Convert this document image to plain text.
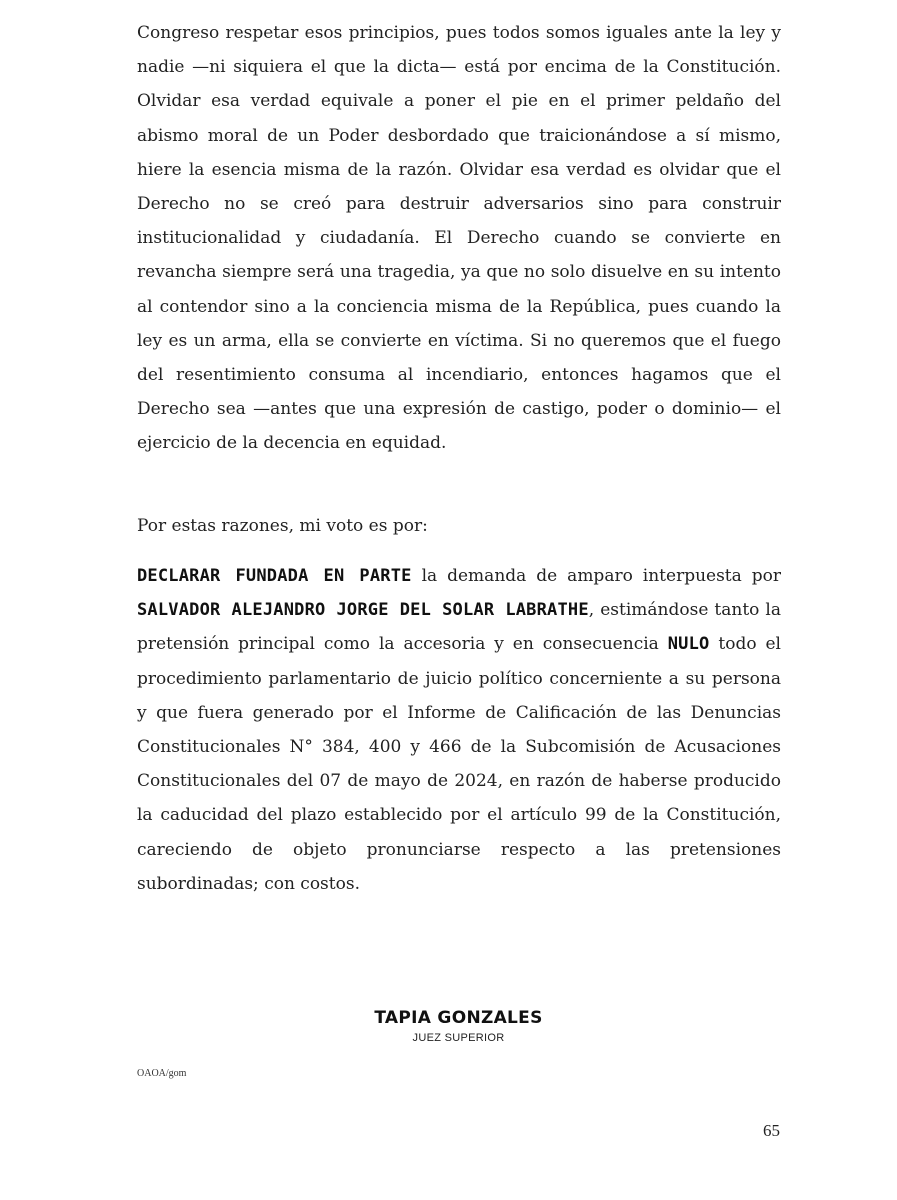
Congreso respetar esos principios, pues todos somos iguales ante la ley y nadie —ni siquiera el que la dicta— está por encima de la Constitución. Olvidar esa verdad equivale a poner el pie en el primer peldaño del abismo moral de un Poder desbordado que traicionándose a sí mismo, hiere la esencia misma de la razón. Olvidar esa verdad es olvidar que el Derecho no se creó para destruir adversarios sino para construir institucionalidad y ciudadanía. El Derecho cuando se convierte en revancha siempre será una tragedia, ya que no solo disuelve en su intento al contendor sino a la conciencia misma de la República, pues cuando la ley es un arma, ella se convierte en víctima. Si no queremos que el fuego del resentimiento consuma al incendiario, entonces hagamos que el Derecho sea —antes que una expresión de castigo, poder o dominio— el ejercicio de la decencia en equidad.

Por estas razones, mi voto es por:

DECLARAR FUNDADA EN PARTE la demanda de amparo interpuesta por SALVADOR ALEJANDRO JORGE DEL SOLAR LABRATHE, estimándose tanto la pretensión principal como la accesoria y en consecuencia NULO todo el procedimiento parlamentario de juicio político concerniente a su persona y que fuera generado por el Informe de Calificación de las Denuncias Constitucionales N° 384, 400 y 466 de la Subcomisión de Acusaciones Constitucionales del 07 de mayo de 2024, en razón de haberse producido la caducidad del plazo establecido por el artículo 99 de la Constitución, careciendo de objeto pronunciarse respecto a las pretensiones subordinadas; con costos.

TAPIA GONZALES
JUEZ SUPERIOR
OAOA/gom
65
